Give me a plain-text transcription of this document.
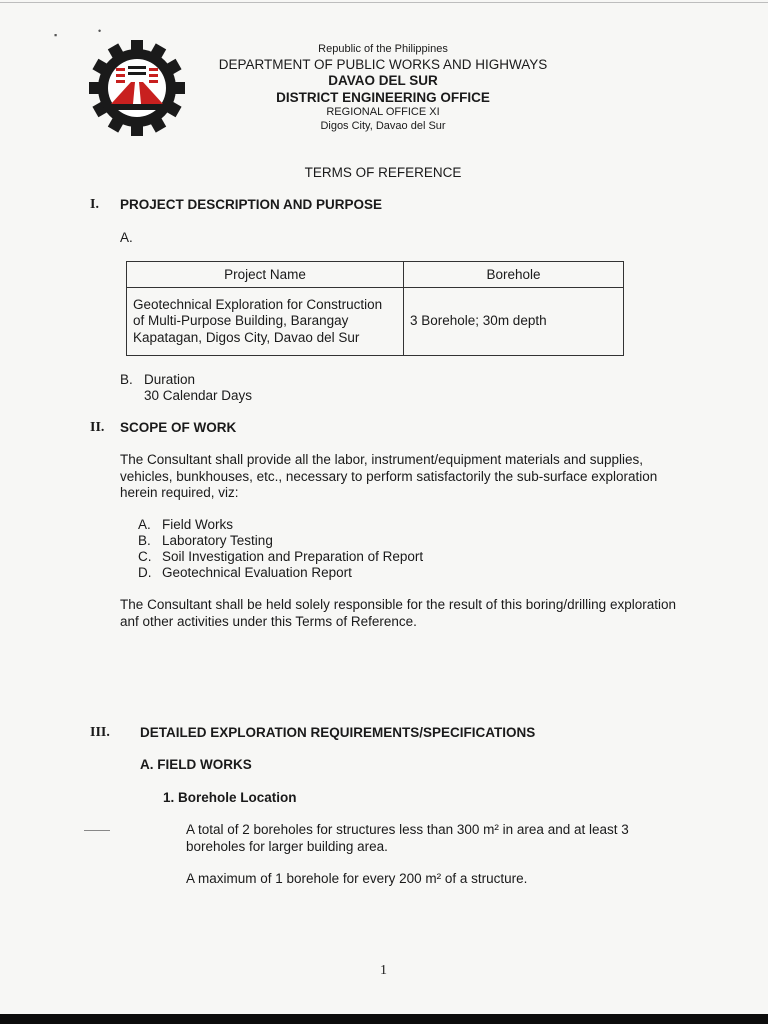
▪	•
Republic of the Philippines
DEPARTMENT OF PUBLIC WORKS AND HIGHWAYS
DAVAO DEL SUR
DISTRICT ENGINEERING OFFICE
REGIONAL OFFICE XI
Digos City, Davao del Sur
TERMS OF REFERENCE
I. PROJECT DESCRIPTION AND PURPOSE
A.
Project Name	Borehole
Geotechnical Exploration for Construction of Multi-Purpose Building, Barangay Kapatagan, Digos City, Davao del Sur	3 Borehole; 30m depth
B. Duration
30 Calendar Days
II. SCOPE OF WORK
The Consultant shall provide all the labor, instrument/equipment materials and supplies, vehicles, bunkhouses, etc., necessary to perform satisfactorily the sub-surface exploration herein required, viz:
A. Field Works
B. Laboratory Testing
C. Soil Investigation and Preparation of Report
D. Geotechnical Evaluation Report
The Consultant shall be held solely responsible for the result of this boring/drilling exploration anf other activities under this Terms of Reference.
III. DETAILED EXPLORATION REQUIREMENTS/SPECIFICATIONS
A. FIELD WORKS
1. Borehole Location
A total of 2 boreholes for structures less than 300 m² in area and at least 3 boreholes for larger building area.
A maximum of 1 borehole for every 200 m² of a structure.
1
